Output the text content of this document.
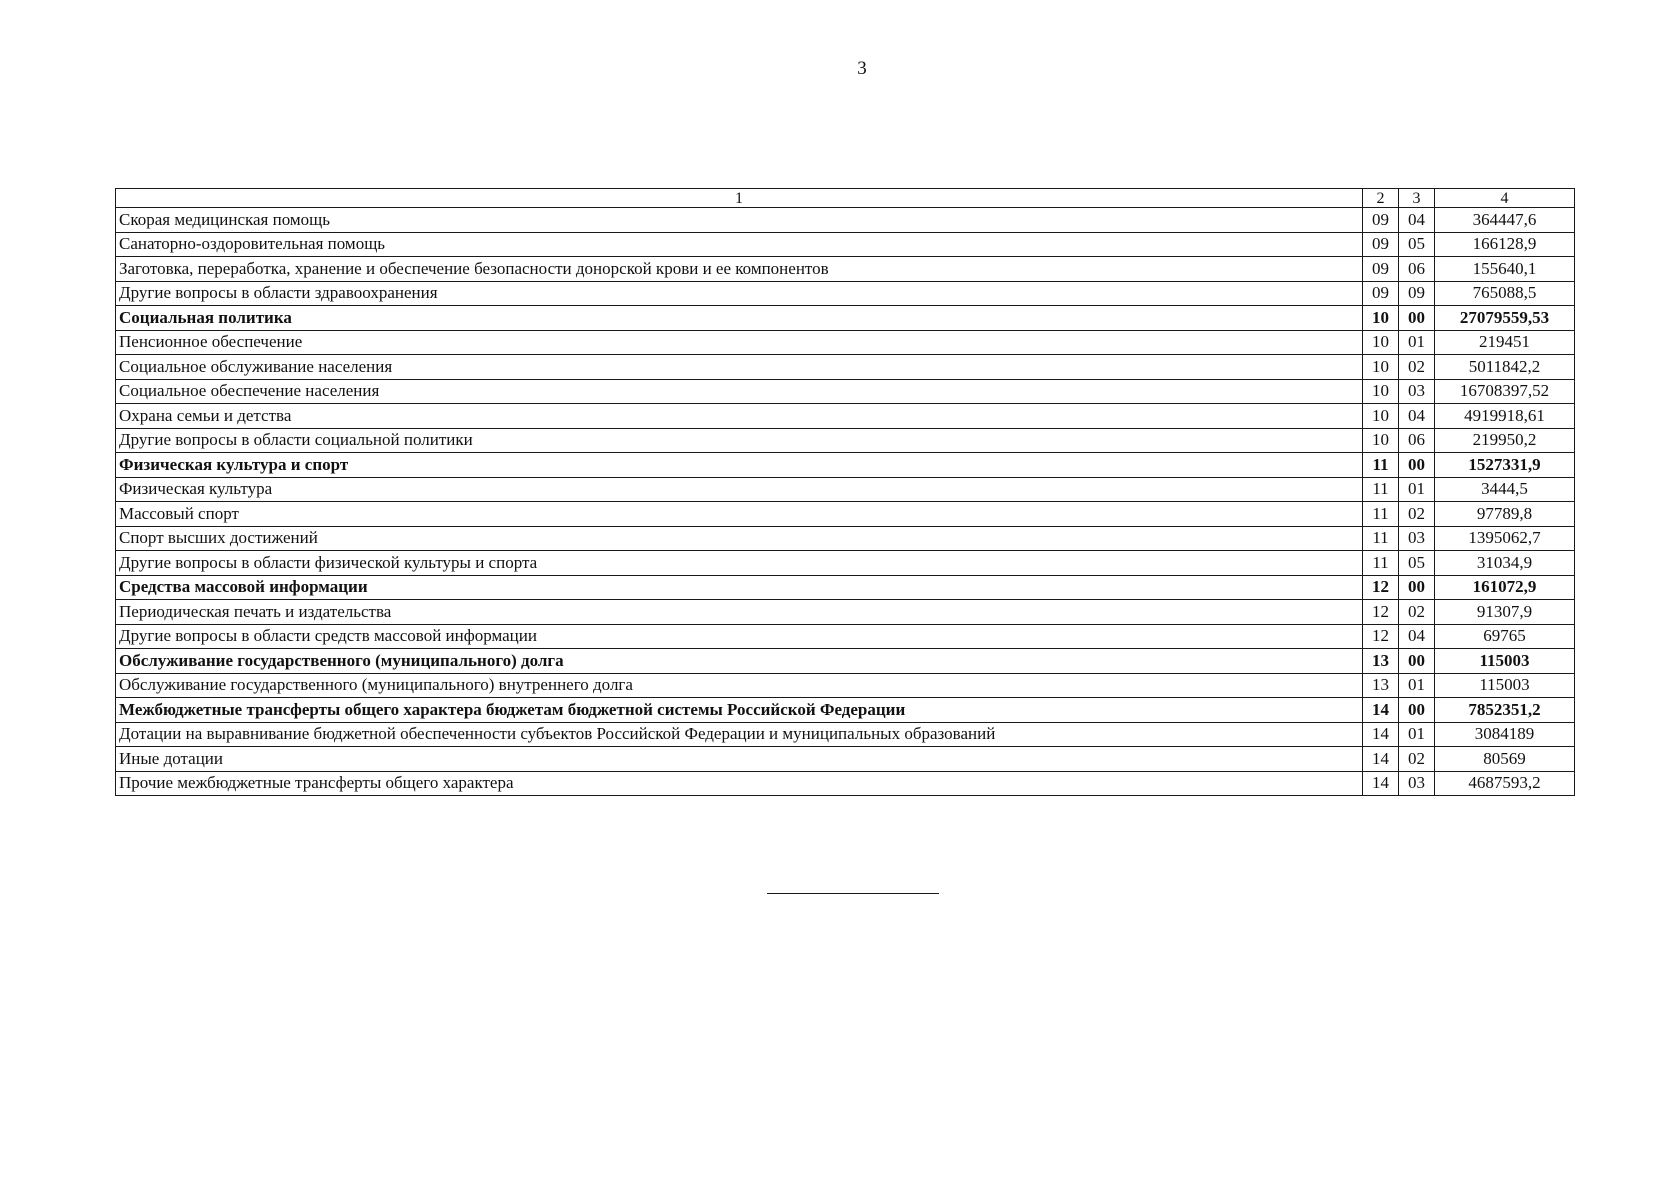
3
1	2	3	4
Скорая медицинская помощь	09	04	364447,6
Санаторно-оздоровительная помощь	09	05	166128,9
Заготовка, переработка, хранение и обеспечение безопасности донорской крови и ее компонентов	09	06	155640,1
Другие вопросы в области здравоохранения	09	09	765088,5
Социальная политика	10	00	27079559,53
Пенсионное обеспечение	10	01	219451
Социальное обслуживание населения	10	02	5011842,2
Социальное обеспечение населения	10	03	16708397,52
Охрана семьи и детства	10	04	4919918,61
Другие вопросы в области социальной политики	10	06	219950,2
Физическая культура и спорт	11	00	1527331,9
Физическая культура	11	01	3444,5
Массовый спорт	11	02	97789,8
Спорт высших достижений	11	03	1395062,7
Другие вопросы в области физической культуры и спорта	11	05	31034,9
Средства массовой информации	12	00	161072,9
Периодическая печать и издательства	12	02	91307,9
Другие вопросы в области средств массовой информации	12	04	69765
Обслуживание государственного (муниципального) долга	13	00	115003
Обслуживание государственного (муниципального) внутреннего долга	13	01	115003
Межбюджетные трансферты общего характера бюджетам бюджетной системы Российской Федерации	14	00	7852351,2
Дотации на выравнивание бюджетной обеспеченности субъектов Российской Федерации и муниципальных образований	14	01	3084189
Иные дотации	14	02	80569
Прочие межбюджетные трансферты общего характера	14	03	4687593,2
